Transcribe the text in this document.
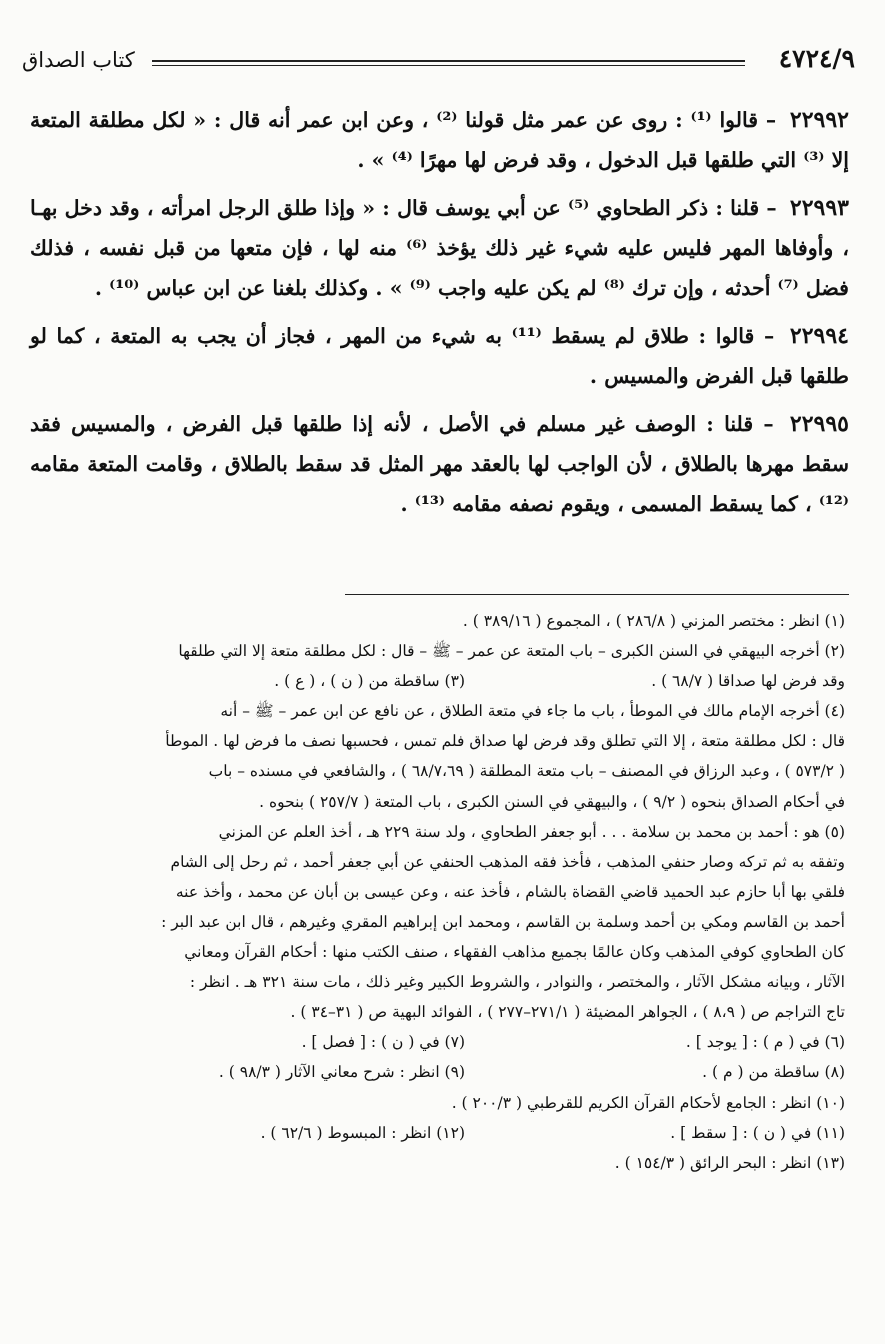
٤٧٢٤/٩
كتاب الصداق

٢٢٩٩٢ – قالوا ⁽¹⁾ : روى عن عمر مثل قولنا ⁽²⁾ ، وعن ابن عمر أنه قال : « لكل مطلقة المتعة إلا ⁽³⁾ التي طلقها قبل الدخول ، وقد فرض لها مهرًا ⁽⁴⁾ » .

٢٢٩٩٣ – قلنا : ذكر الطحاوي ⁽⁵⁾ عن أبي يوسف قال : « وإذا طلق الرجل امرأته ، وقد دخل بهـا ، وأوفاها المهر فليس عليه شيء غير ذلك يؤخذ ⁽⁶⁾ منه لها ، فإن متعها من قبل نفسه ، فذلك فضل ⁽⁷⁾ أحدثه ، وإن ترك ⁽⁸⁾ لم يكن عليه واجب ⁽⁹⁾ » . وكذلك بلغنا عن ابن عباس ⁽¹⁰⁾ .

٢٢٩٩٤ – قالوا : طلاق لم يسقط ⁽¹¹⁾ به شيء من المهر ، فجاز أن يجب به المتعة ، كما لو طلقها قبل الفرض والمسيس .

٢٢٩٩٥ – قلنا : الوصف غير مسلم في الأصل ، لأنه إذا طلقها قبل الفرض ، والمسيس فقد سقط مهرها بالطلاق ، لأن الواجب لها بالعقد مهر المثل قد سقط بالطلاق ، وقامت المتعة مقامه ⁽¹²⁾ ، كما يسقط المسمى ، ويقوم نصفه مقامه ⁽¹³⁾ .

(١) انظر : مختصر المزني ( ٢٨٦/٨ ) ، المجموع ( ٣٨٩/١٦ ) .
(٢) أخرجه البيهقي في السنن الكبرى – باب المتعة عن عمر – ﷺ – قال : لكل مطلقة متعة إلا التي طلقها
وقد فرض لها صداقا ( ٦٨/٧ ) .
(٣) ساقطة من ( ن ) ، ( ع ) .
(٤) أخرجه الإمام مالك في الموطأ ، باب ما جاء في متعة الطلاق ، عن نافع عن ابن عمر – ﷺ – أنه
قال : لكل مطلقة متعة ، إلا التي تطلق وقد فرض لها صداق فلم تمس ، فحسبها نصف ما فرض لها . الموطأ
( ٥٧٣/٢ ) ، وعبد الرزاق في المصنف – باب متعة المطلقة ( ٦٨/٧،٦٩ ) ، والشافعي في مسنده – باب
في أحكام الصداق بنحوه ( ٩/٢ ) ، والبيهقي في السنن الكبرى ، باب المتعة ( ٢٥٧/٧ ) بنحوه .
(٥) هو : أحمد بن محمد بن سلامة . . . أبو جعفر الطحاوي ، ولد سنة ٢٢٩ هـ ، أخذ العلم عن المزني
وتفقه به ثم تركه وصار حنفي المذهب ، فأخذ فقه المذهب الحنفي عن أبي جعفر أحمد ، ثم رحل إلى الشام
فلقي بها أبا حازم عبد الحميد قاضي القضاة بالشام ، فأخذ عنه ، وعن عيسى بن أبان عن محمد ، وأخذ عنه
أحمد بن القاسم ومكي بن أحمد وسلمة بن القاسم ، ومحمد ابن إبراهيم المقري وغيرهم ، قال ابن عبد البر :
كان الطحاوي كوفي المذهب وكان عالمًا بجميع مذاهب الفقهاء ، صنف الكتب منها : أحكام القرآن ومعاني
الآثار ، وبيانه مشكل الآثار ، والمختصر ، والنوادر ، والشروط الكبير وغير ذلك ، مات سنة ٣٢١ هـ . انظر :
تاج التراجم ص ( ٨،٩ ) ، الجواهر المضيئة ( ٢٧١/١–٢٧٧ ) ، الفوائد البهية ص ( ٣١–٣٤ ) .
(٦) في ( م ) : [ يوجد ] .
(٧) في ( ن ) : [ فصل ] .
(٨) ساقطة من ( م ) .
(٩) انظر : شرح معاني الآثار ( ٩٨/٣ ) .
(١٠) انظر : الجامع لأحكام القرآن الكريم للقرطبي ( ٢٠٠/٣ ) .
(١١) في ( ن ) : [ سقط ] .
(١٢) انظر : المبسوط ( ٦٢/٦ ) .
(١٣) انظر : البحر الرائق ( ١٥٤/٣ ) .
